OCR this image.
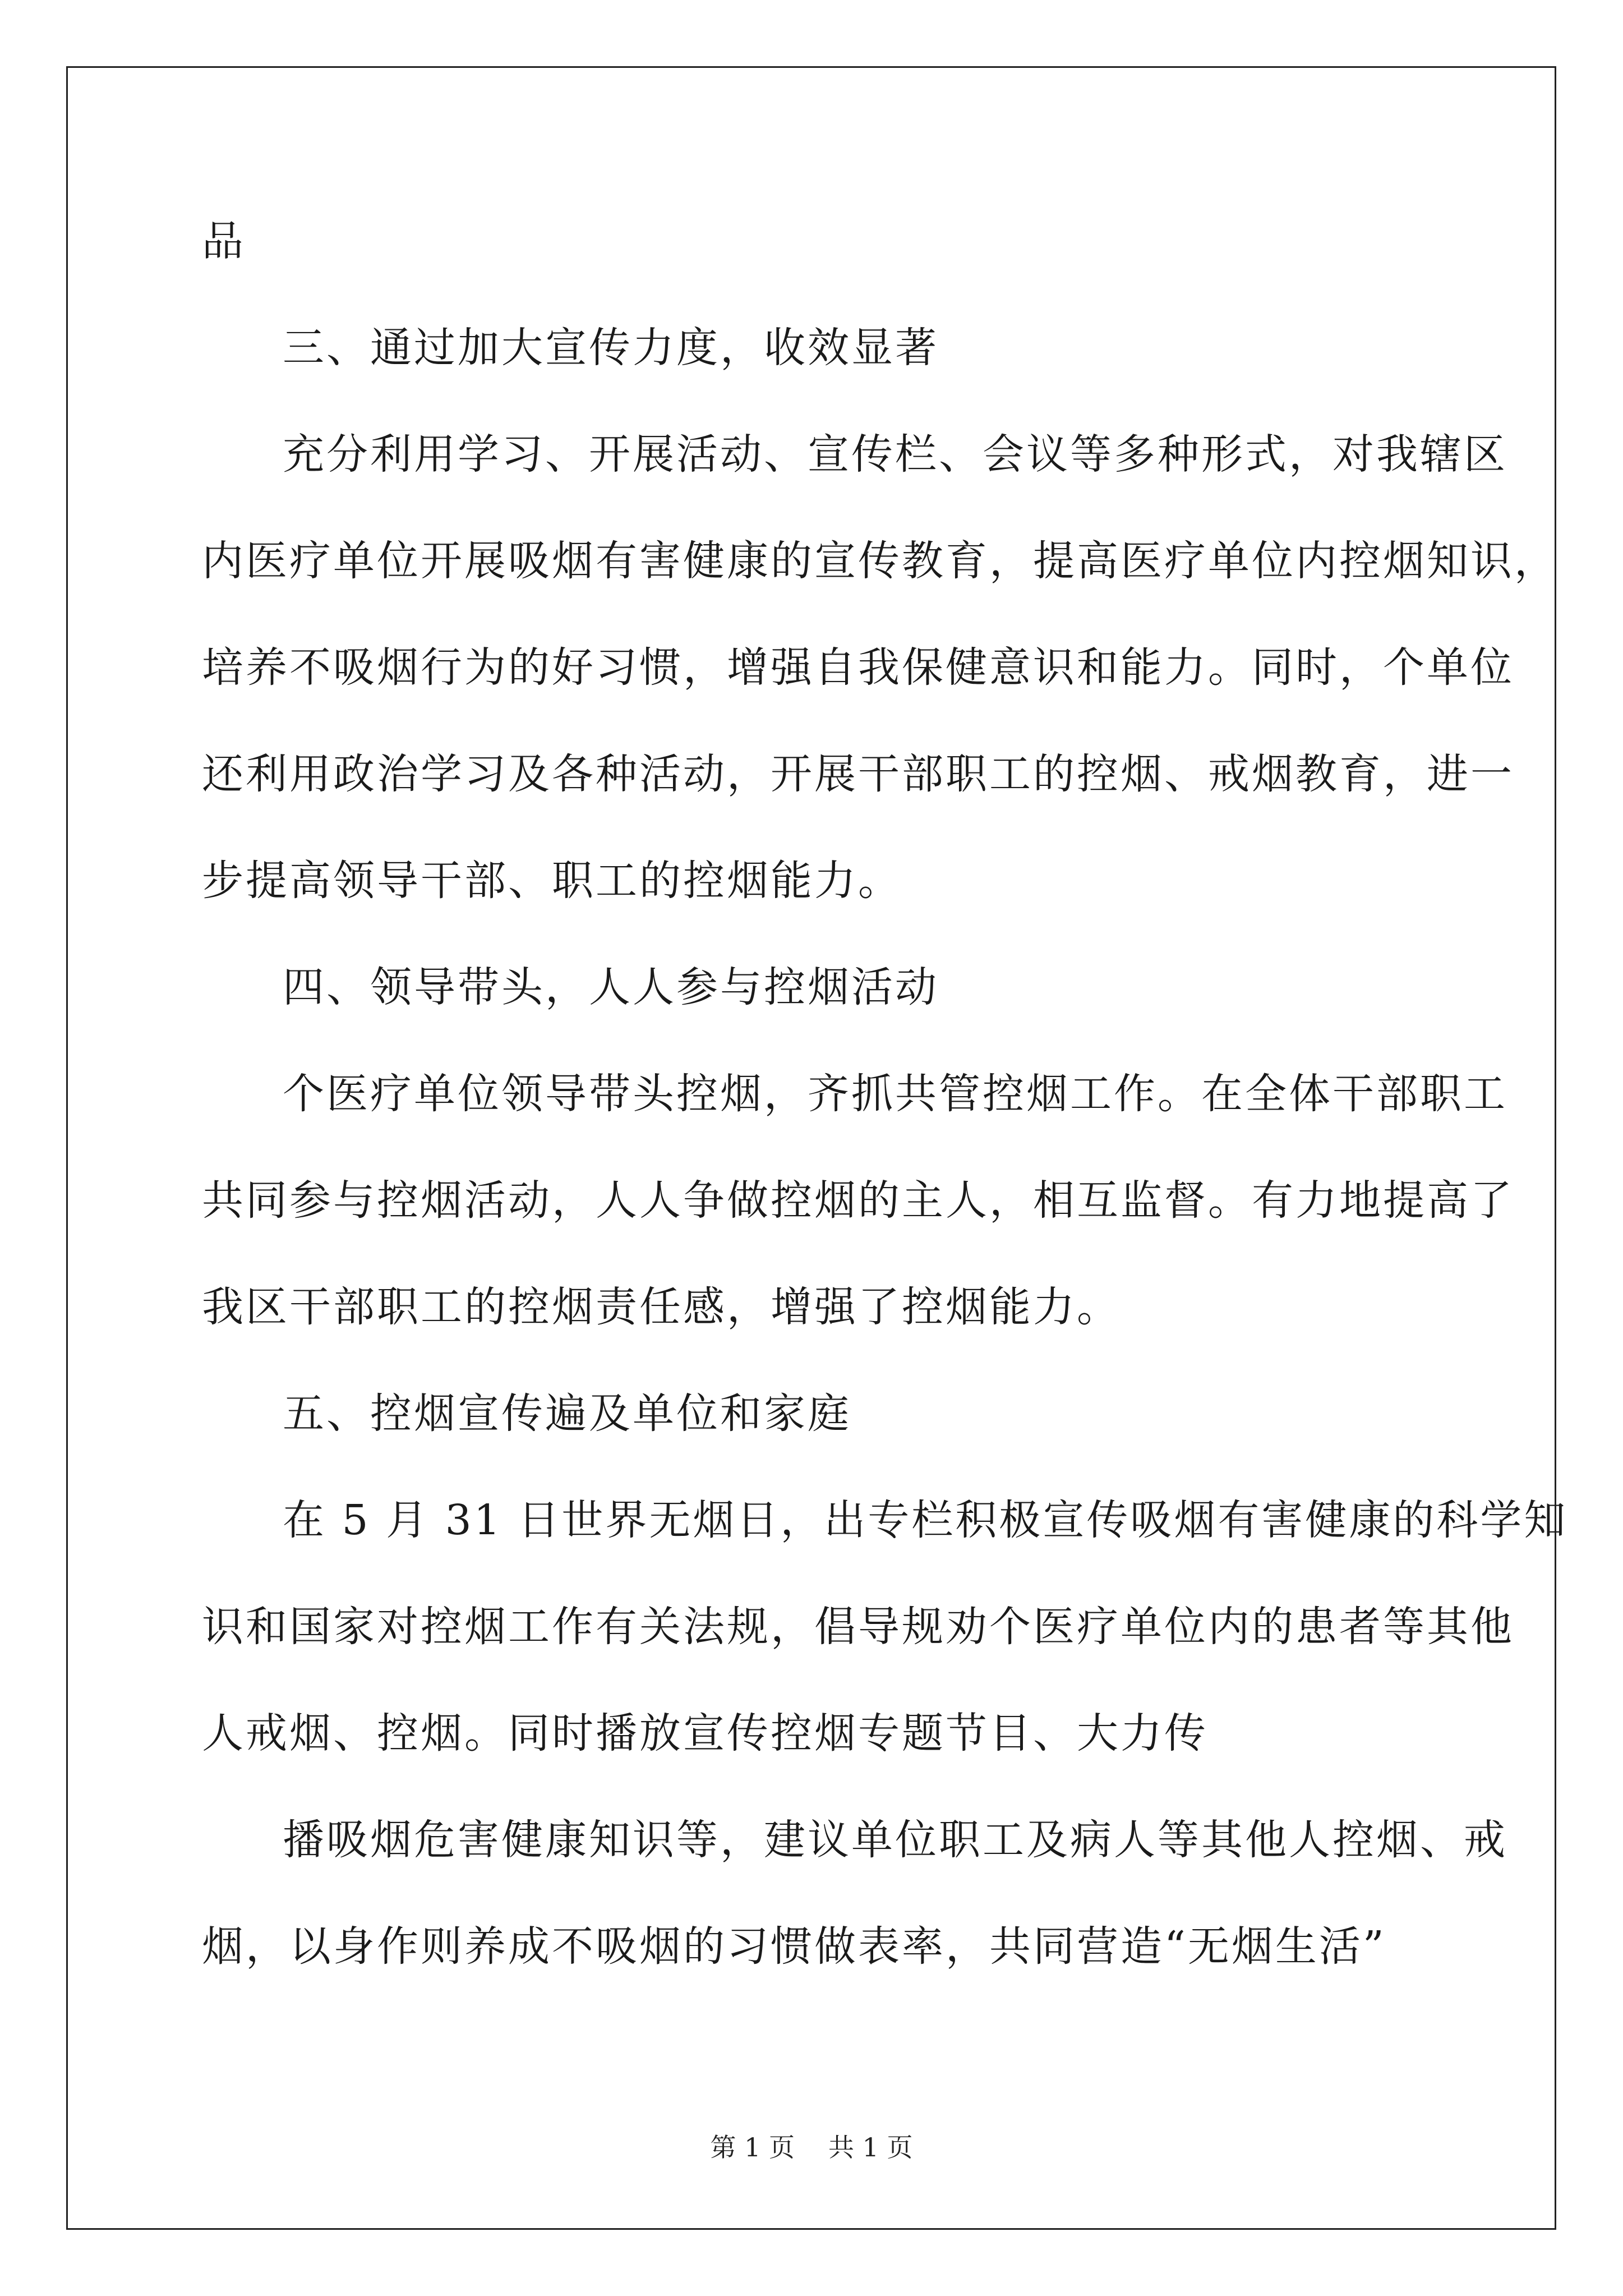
品
三、通过加大宣传力度，收效显著
充分利用学习、开展活动、宣传栏、会议等多种形式，对我辖区
内医疗单位开展吸烟有害健康的宣传教育，提高医疗单位内控烟知识，
培养不吸烟行为的好习惯，增强自我保健意识和能力。同时，个单位
还利用政治学习及各种活动，开展干部职工的控烟、戒烟教育，进一
步提高领导干部、职工的控烟能力。
四、领导带头，人人参与控烟活动
个医疗单位领导带头控烟，齐抓共管控烟工作。在全体干部职工
共同参与控烟活动，人人争做控烟的主人，相互监督。有力地提高了
我区干部职工的控烟责任感，增强了控烟能力。
五、控烟宣传遍及单位和家庭
在 5 月 31 日世界无烟日，出专栏积极宣传吸烟有害健康的科学知
识和国家对控烟工作有关法规，倡导规劝个医疗单位内的患者等其他
人戒烟、控烟。同时播放宣传控烟专题节目、大力传
播吸烟危害健康知识等，建议单位职工及病人等其他人控烟、戒
烟，以身作则养成不吸烟的习惯做表率，共同营造“无烟生活”
第 1 页 共 1 页
